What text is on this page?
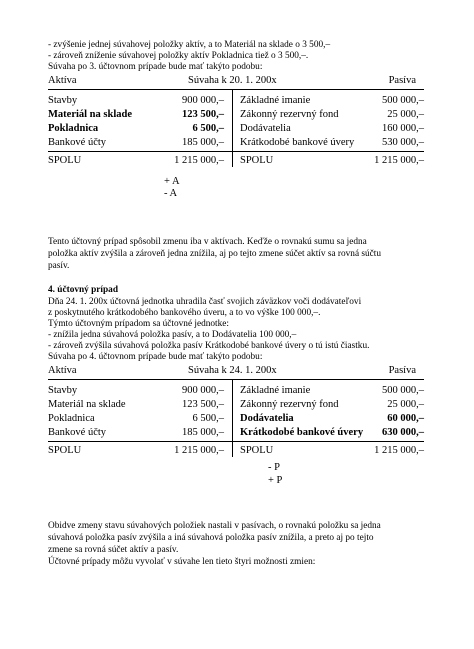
- zvýšenie jednej súvahovej položky aktív, a to Materiál na sklade o 3 500,–
- zároveň zníženie súvahovej položky aktív Pokladnica tiež o 3 500,–.
Súvaha po 3. účtovnom prípade bude mať takýto podobu:
Aktíva	Súvaha k 20. 1. 200x	Pasíva
Stavby	900 000,– Základné imanie	500 000,–
Materiál na sklade	123 500,– Zákonný rezervný fond	25 000,–
Pokladnica	6 500,– Dodávatelia	160 000,–
Bankové účty	185 000,– Krátkodobé bankové úvery	530 000,–
SPOLU	1 215 000,– SPOLU	1 215 000,–
+ A
- A
Tento účtovný prípad spôsobil zmenu iba v aktívach. Keďže o rovnakú sumu sa jedna
položka aktív zvýšila a zároveň jedna znížila, aj po tejto zmene súčet aktív sa rovná súčtu
pasív.
4. účtovný prípad
Dňa 24. 1. 200x účtovná jednotka uhradila časť svojich záväzkov voči dodávateľovi
z poskytnutého krátkodobého bankového úveru, a to vo výške 100 000,–.
Týmto účtovným prípadom sa účtovné jednotke:
- znížila jedna súvahová položka pasív, a to Dodávatelia 100 000,–
- zároveň zvýšila súvahová položka pasív Krátkodobé bankové úvery o tú istú čiastku.
Súvaha po 4. účtovnom prípade bude mať takýto podobu:
Aktíva	Súvaha k 24. 1. 200x	Pasíva
Stavby	900 000,– Základné imanie	500 000,–
Materiál na sklade	123 500,– Zákonný rezervný fond	25 000,–
Pokladnica	6 500,– Dodávatelia	60 000,–
Bankové účty	185 000,– Krátkodobé bankové úvery 630 000,–
SPOLU	1 215 000,– SPOLU	1 215 000,–
- P
+ P
Obidve zmeny stavu súvahových položiek nastali v pasívach, o rovnakú položku sa jedna
súvahová položka pasív zvýšila a iná súvahová položka pasív znížila, a preto aj po tejto
zmene sa rovná súčet aktív a pasív.
Účtovné prípady môžu vyvolať v súvahe len tieto štyri možnosti zmien:
